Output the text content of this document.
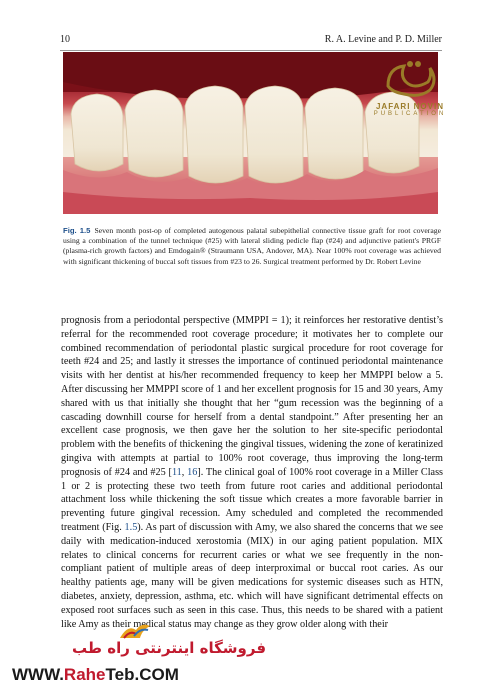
10	R. A. Levine and P. D. Miller
JAFARI NOVIN
PUBLICATION
Fig. 1.5 Seven month post-op of completed autogenous palatal subepithelial connective tissue graft for root coverage using a combination of the tunnel technique (#25) with lateral sliding pedicle flap (#24) and adjunctive patient's PRGF (plasma-rich growth factors) and Emdogain® (Straumann USA, Andover, MA). Near 100% root coverage was achieved with significant thickening of buccal soft tissues from #23 to 26. Surgical treatment performed by Dr. Robert Levine

prognosis from a periodontal perspective (MMPPI = 1); it reinforces her restorative dentist’s referral for the recommended root coverage procedure; it motivates her to complete our combined recommendation of periodontal plastic surgical procedure for root coverage for teeth #24 and 25; and lastly it stresses the importance of continued periodontal maintenance visits with her dentist at his/her recommended frequency to keep her MMPPI below a 5. After discussing her MMPPI score of 1 and her excellent prognosis for 15 and 30 years, Amy shared with us that initially she thought that her “gum recession was the beginning of a cascading downhill course for herself from a dental standpoint.” After presenting her an excellent case prognosis, we then gave her the solution to her site-specific periodontal problem with the benefits of thickening the gingival tissues, widening the zone of keratinized gingiva with attempts at partial to 100% root coverage, thus improving the long-term prognosis of #24 and #25 [11, 16]. The clinical goal of 100% root coverage in a Miller Class 1 or 2 is protecting these two teeth from future root caries and additional periodontal attachment loss while thickening the soft tissue which creates a more favorable barrier in preventing future gingival recession. Amy scheduled and completed the recommended treatment (Fig. 1.5). As part of discussion with Amy, we also shared the concerns that we see daily with medication-induced xerostomia (MIX) in our aging patient population. MIX relates to clinical concerns for recurrent caries or what we see frequently in the non-compliant patient of multiple areas of deep interproximal or buccal root caries. As our healthy patients age, many will be given medications for systemic diseases such as HTN, diabetes, anxiety, depression, asthma, etc. which will have significant detrimental effects on exposed root surfaces such as seen in this case. Thus, this needs to be shared with a patient like Amy as their medical status may change as they grow older along with their

فروشگاه اینترنتی راه طب
WWW.RaheTeb.COM
